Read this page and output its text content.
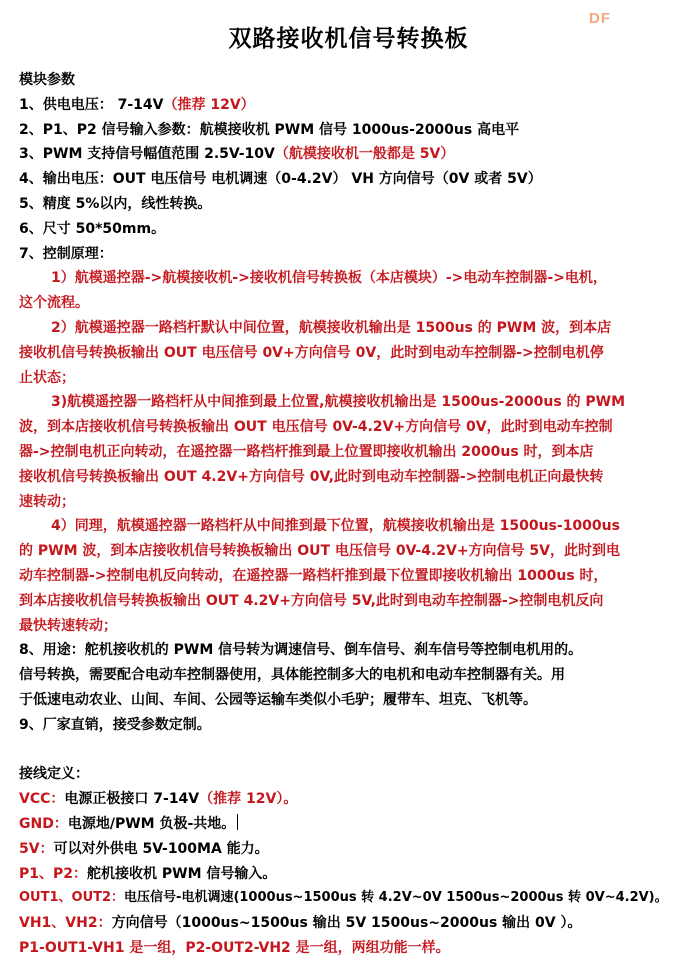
DF
双路接收机信号转换板
模块参数
1、供电电压： 7-14V（推荐 12V）
2、P1、P2 信号输入参数：航模接收机 PWM 信号 1000us-2000us 高电平
3、PWM 支持信号幅值范围 2.5V-10V（航模接收机一般都是 5V）
4、输出电压：OUT 电压信号 电机调速（0-4.2V） VH 方向信号（0V 或者 5V）
5、精度 5%以内，线性转换。
6、尺寸 50*50mm。
7、控制原理：
1）航模遥控器->航模接收机->接收机信号转换板（本店模块）->电动车控制器->电机，
这个流程。
2）航模遥控器一路档杆默认中间位置，航模接收机输出是 1500us 的 PWM 波，到本店
接收机信号转换板输出 OUT 电压信号 0V+方向信号 0V，此时到电动车控制器->控制电机停
止状态；
3)航模遥控器一路档杆从中间推到最上位置,航模接收机输出是 1500us-2000us 的 PWM
波，到本店接收机信号转换板输出 OUT 电压信号 0V-4.2V+方向信号 0V，此时到电动车控制
器->控制电机正向转动，在遥控器一路档杆推到最上位置即接收机输出 2000us 时，到本店
接收机信号转换板输出 OUT 4.2V+方向信号 0V,此时到电动车控制器->控制电机正向最快转
速转动；
4）同理，航模遥控器一路档杆从中间推到最下位置，航模接收机输出是 1500us-1000us
的 PWM 波，到本店接收机信号转换板输出 OUT 电压信号 0V-4.2V+方向信号 5V，此时到电
动车控制器->控制电机反向转动，在遥控器一路档杆推到最下位置即接收机输出 1000us 时，
到本店接收机信号转换板输出 OUT 4.2V+方向信号 5V,此时到电动车控制器->控制电机反向
最快转速转动；
8、用途：舵机接收机的 PWM 信号转为调速信号、倒车信号、刹车信号等控制电机用的。
信号转换，需要配合电动车控制器使用，具体能控制多大的电机和电动车控制器有关。用
于低速电动农业、山间、车间、公园等运输车类似小毛驴；履带车、坦克、飞机等。
9、厂家直销，接受参数定制。
接线定义：
VCC：电源正极接口 7-14V（推荐 12V）。
GND：电源地/PWM 负极-共地。
5V：可以对外供电 5V-100MA 能力。
P1、P2：舵机接收机 PWM 信号输入。
OUT1、OUT2：电压信号-电机调速(1000us~1500us 转 4.2V~0V 1500us~2000us 转 0V~4.2V)。
VH1、VH2：方向信号（1000us~1500us 输出 5V 1500us~2000us 输出 0V ）。
P1-OUT1-VH1 是一组，P2-OUT2-VH2 是一组，两组功能一样。
